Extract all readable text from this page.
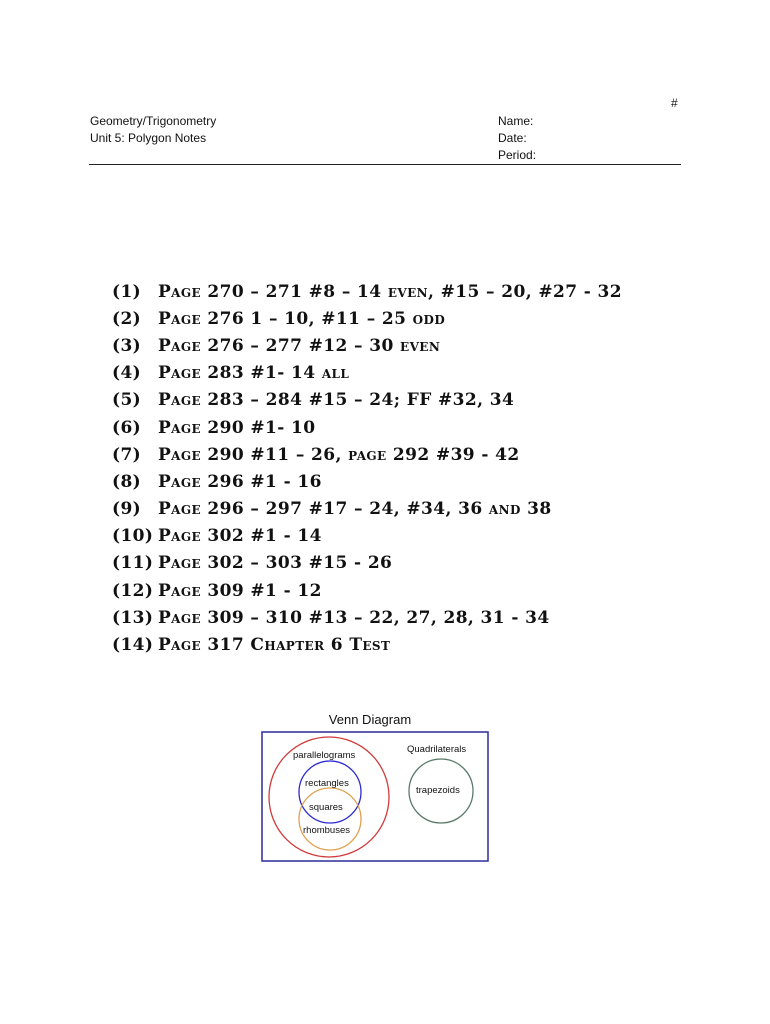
#
Geometry/Trigonometry
Unit 5: Polygon Notes
Name:
Date:
Period:
(1) Page 270 – 271 #8 – 14 even, #15 – 20, #27 - 32
(2) Page 276 1 – 10, #11 – 25 odd
(3) Page 276 – 277 #12 – 30 even
(4) Page 283 #1- 14 all
(5) Page 283 – 284 #15 – 24; FF #32, 34
(6) Page 290 #1- 10
(7) Page 290 #11 – 26, page 292 #39 - 42
(8) Page 296 #1 - 16
(9) Page 296 – 297 #17 – 24, #34, 36 and 38
(10) Page 302 #1 - 14
(11) Page 302 – 303 #15 - 26
(12) Page 309 #1 - 12
(13) Page 309 – 310 #13 – 22, 27, 28, 31 - 34
(14) Page 317 Chapter 6 Test
Venn Diagram
Quadrilaterals
parallelograms
rectangles
squares
rhombuses
trapezoids
